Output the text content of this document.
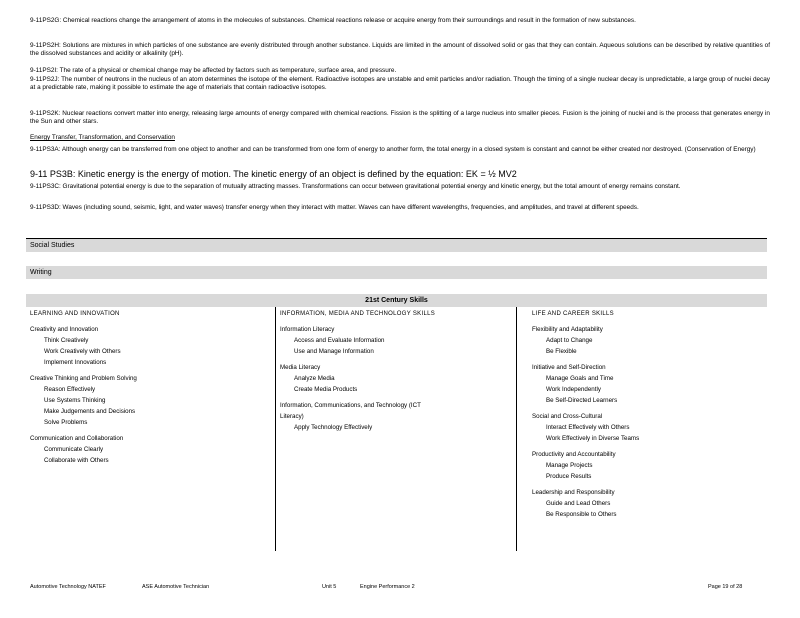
9-11PS2G: Chemical reactions change the arrangement of atoms in the molecules of substances. Chemical reactions release or acquire energy from their surroundings and result in the formation of new substances.
9-11PS2H: Solutions are mixtures in which particles of one substance are evenly distributed through another substance. Liquids are limited in the amount of dissolved solid or gas that they can contain. Aqueous solutions can be described by relative quantities of the dissolved substances and acidity or alkalinity (pH).
9-11PS2I: The rate of a physical or chemical change may be affected by factors such as temperature, surface area, and pressure.
9-11PS2J: The number of neutrons in the nucleus of an atom determines the isotope of the element. Radioactive isotopes are unstable and emit particles and/or radiation. Though the timing of a single nuclear decay is unpredictable, a large group of nuclei decay at a predictable rate, making it possible to estimate the age of materials that contain radioactive isotopes.
9-11PS2K: Nuclear reactions convert matter into energy, releasing large amounts of energy compared with chemical reactions. Fission is the splitting of a large nucleus into smaller pieces. Fusion is the joining of nuclei and is the process that generates energy in the Sun and other stars.
Energy Transfer, Transformation, and Conservation
9-11PS3A: Although energy can be transferred from one object to another and can be transformed from one form of energy to another form, the total energy in a closed system is constant and cannot be either created nor destroyed. (Conservation of Energy)
9-11 PS3B: Kinetic energy is the energy of motion. The kinetic energy of an object is defined by the equation: EK = ½ MV2
9-11PS3C: Gravitational potential energy is due to the separation of mutually attracting masses. Transformations can occur between gravitational potential energy and kinetic energy, but the total amount of energy remains constant.
9-11PS3D: Waves (including sound, seismic, light, and water waves) transfer energy when they interact with matter. Waves can have different wavelengths, frequencies, and amplitudes, and travel at different speeds.
Social Studies
Writing
21st Century Skills
LEARNING AND INNOVATION
Creativity and Innovation
Think Creatively
Work Creatively with Others
Implement Innovations
Creative Thinking and Problem Solving
Reason Effectively
Use Systems Thinking
Make Judgements and Decisions
Solve Problems
Communication and Collaboration
Communicate Clearly
Collaborate with Others
INFORMATION, MEDIA AND TECHNOLOGY SKILLS
Information Literacy
Access and Evaluate Information
Use and Manage Information
Media Literacy
Analyze Media
Create Media Products
Information, Communications, and Technology (ICT Literacy)
Apply Technology Effectively
LIFE AND CAREER SKILLS
Flexibility and Adaptability
Adapt to Change
Be Flexible
Initiative and Self-Direction
Manage Goals and Time
Work Independently
Be Self-Directed Learners
Social and Cross-Cultural
Interact Effectively with Others
Work Effectively in Diverse Teams
Productivity and Accountability
Manage Projects
Produce Results
Leadership and Responsibility
Guide and Lead Others
Be Responsible to Others
Automotive Technology NATEF	ASE Automotive Technician	Unit 5	Engine Performance 2	Page 19 of 28
